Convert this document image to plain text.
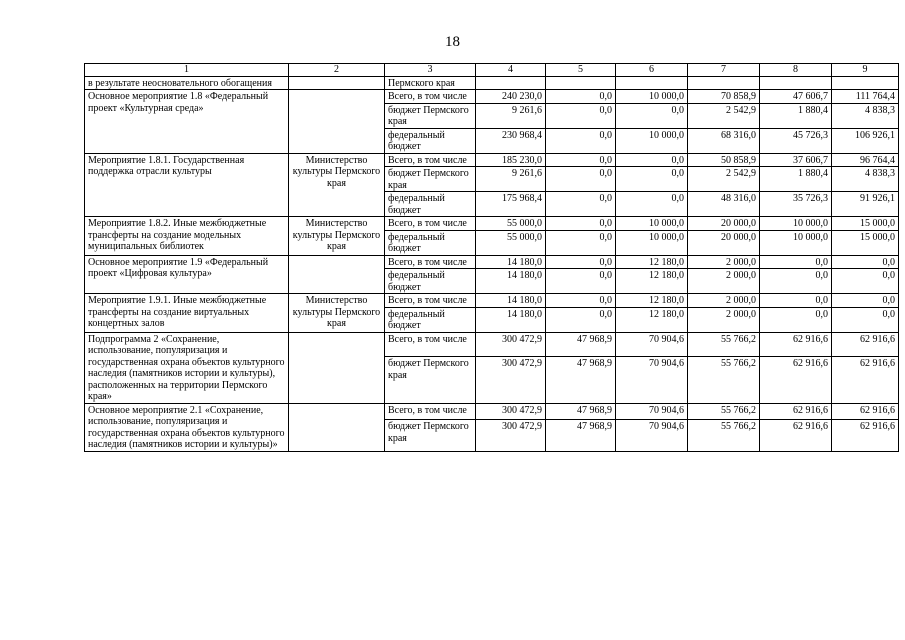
18
1	2	3	4	5	6	7	8	9
в результате неосновательного обогащения		Пермского края						
Основное мероприятие 1.8 «Федеральный проект «Культурная среда»		Всего, в том числе	240 230,0	0,0	10 000,0	70 858,9	47 606,7	111 764,4
		бюджет Пермского края	9 261,6	0,0	0,0	2 542,9	1 880,4	4 838,3
		федеральный бюджет	230 968,4	0,0	10 000,0	68 316,0	45 726,3	106 926,1
Мероприятие 1.8.1. Государственная поддержка отрасли культуры	Министерство культуры Пермского края	Всего, в том числе	185 230,0	0,0	0,0	50 858,9	37 606,7	96 764,4
		бюджет Пермского края	9 261,6	0,0	0,0	2 542,9	1 880,4	4 838,3
		федеральный бюджет	175 968,4	0,0	0,0	48 316,0	35 726,3	91 926,1
Мероприятие 1.8.2. Иные межбюджетные трансферты на создание модельных муниципальных библиотек	Министерство культуры Пермского края	Всего, в том числе	55 000,0	0,0	10 000,0	20 000,0	10 000,0	15 000,0
		федеральный бюджет	55 000,0	0,0	10 000,0	20 000,0	10 000,0	15 000,0
Основное мероприятие 1.9 «Федеральный проект «Цифровая культура»		Всего, в том числе	14 180,0	0,0	12 180,0	2 000,0	0,0	0,0
		федеральный бюджет	14 180,0	0,0	12 180,0	2 000,0	0,0	0,0
Мероприятие 1.9.1. Иные межбюджетные трансферты на создание виртуальных концертных залов	Министерство культуры Пермского края	Всего, в том числе	14 180,0	0,0	12 180,0	2 000,0	0,0	0,0
		федеральный бюджет	14 180,0	0,0	12 180,0	2 000,0	0,0	0,0
Подпрограмма 2 «Сохранение, использование, популяризация и государственная охрана объектов культурного наследия (памятников истории и культуры), расположенных на территории Пермского края»		Всего, в том числе	300 472,9	47 968,9	70 904,6	55 766,2	62 916,6	62 916,6
		бюджет Пермского края	300 472,9	47 968,9	70 904,6	55 766,2	62 916,6	62 916,6
Основное мероприятие 2.1 «Сохранение, использование, популяризация и государственная охрана объектов культурного наследия (памятников истории и культуры)»		Всего, в том числе	300 472,9	47 968,9	70 904,6	55 766,2	62 916,6	62 916,6
		бюджет Пермского края	300 472,9	47 968,9	70 904,6	55 766,2	62 916,6	62 916,6
